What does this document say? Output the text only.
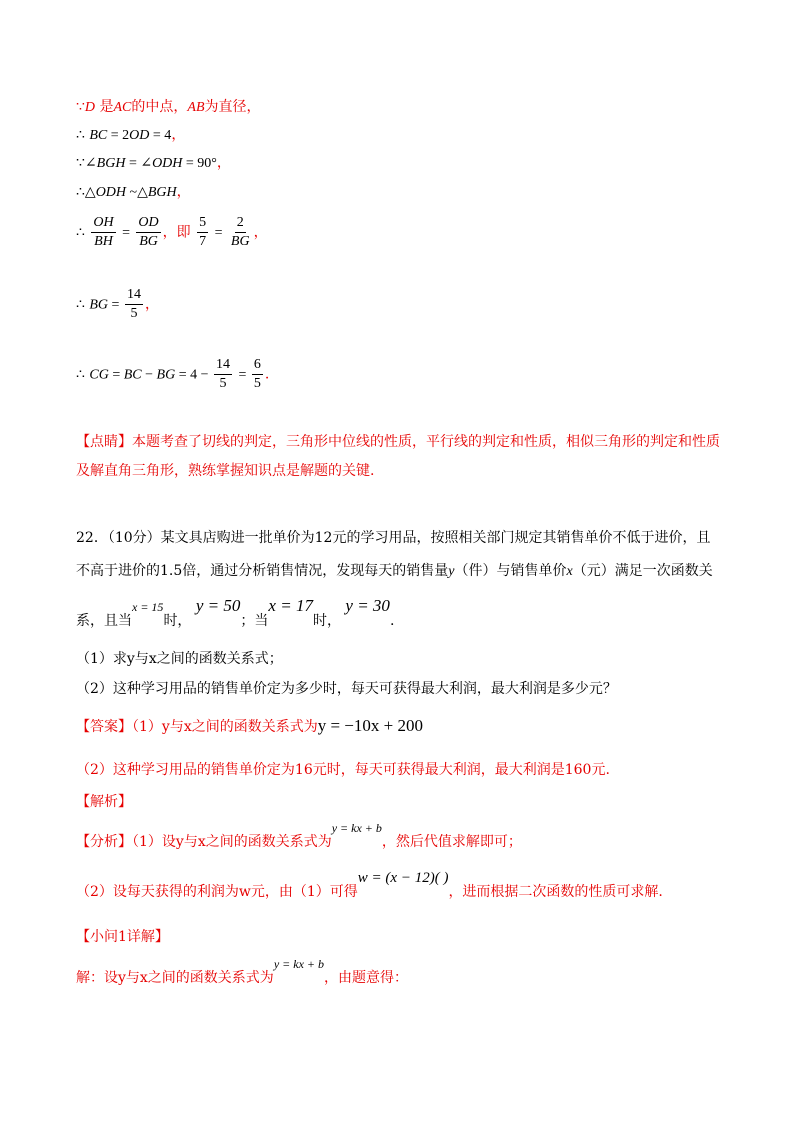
∵D 是AC的中点，AB为直径，
∴ BC = 2OD = 4，
∵∠BGH = ∠ODH = 90°，
∴△ODH ~△BGH，
∴ $\frac{OH}{BH} = \frac{OD}{BG}$ ，即 $\frac{5}{7} = \frac{2}{BG}$ ，
∴ BG = $\frac{14}{5}$ ，
∴ CG = BC − BG = $4 - \frac{14}{5} = \frac{6}{5}$ .
【点睛】本题考查了切线的判定，三角形中位线的性质，平行线的判定和性质，相似三角形的判定和性质
及解直角三角形，熟练掌握知识点是解题的关键.
22．（10分）某文具店购进一批单价为12元的学习用品，按照相关部门规定其销售单价不低于进价，且
不高于进价的1.5倍，通过分析销售情况，发现每天的销售量y（件）与销售单价x（元）满足一次函数关
系，且当x = 15时， y = 50；当x = 17时， y = 30.
（1）求y与x之间的函数关系式；
（2）这种学习用品的销售单价定为多少时，每天可获得最大利润，最大利润是多少元？
【答案】（1）y与x之间的函数关系式为y = −10x + 200
（2）这种学习用品的销售单价定为16元时，每天可获得最大利润，最大利润是160元.
【解析】
【分析】（1）设y与x之间的函数关系式为y = kx + b，然后代值求解即可；
（2）设每天获得的利润为w元，由（1）可得w = (x − 12)( )，进而根据二次函数的性质可求解.
【小问1详解】
解：设y与x之间的函数关系式为y = kx + b，由题意得：
